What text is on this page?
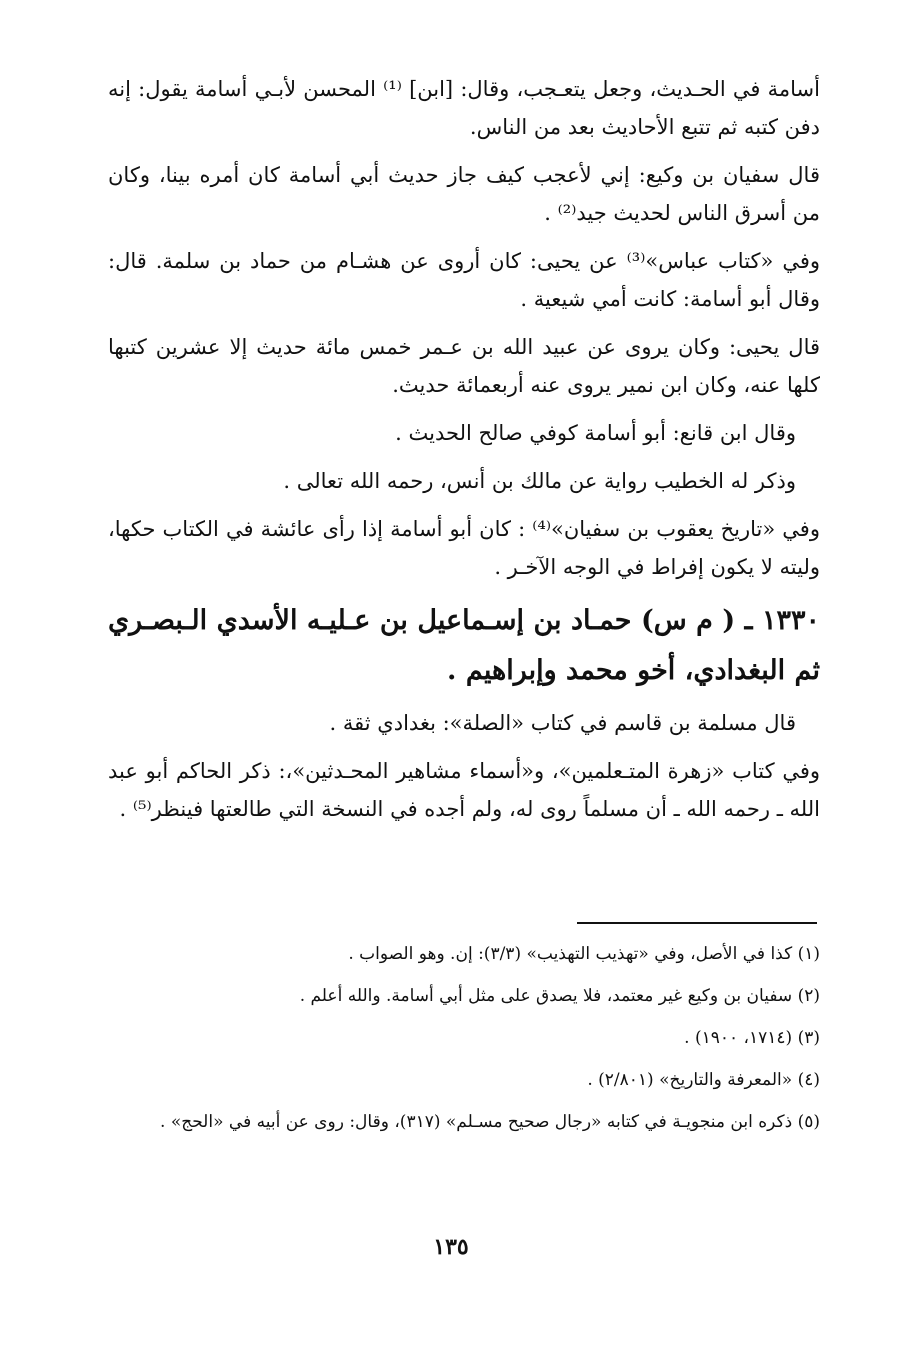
أسامة في الحـديث، وجعل يتعـجب، وقال: [ابن] ⁽¹⁾ المحسن لأبـي أسامة يقول: إنه دفن كتبه ثم تتبع الأحاديث بعد من الناس.

قال سفيان بن وكيع: إني لأعجب كيف جاز حديث أبي أسامة كان أمره بينا، وكان من أسرق الناس لحديث جيد⁽²⁾ .

وفي «كتاب عباس»⁽³⁾ عن يحيى: كان أروى عن هشـام من حماد بن سلمة. قال: وقال أبو أسامة: كانت أمي شيعية .

قال يحيى: وكان يروى عن عبيد الله بن عـمر خمس مائة حديث إلا عشرين كتبها كلها عنه، وكان ابن نمير يروى عنه أربعمائة حديث.

وقال ابن قانع: أبو أسامة كوفي صالح الحديث .

وذكر له الخطيب رواية عن مالك بن أنس، رحمه الله تعالى .

وفي «تاريخ يعقوب بن سفيان»⁽⁴⁾ : كان أبو أسامة إذا رأى عائشة في الكتاب حكها، وليته لا يكون إفراط في الوجه الآخـر .

١٣٣٠ ـ ( م س) حمـاد بن إسـماعيل بن عـليـه الأسدي الـبصـري ثم البغدادي، أخو محمد وإبراهيم .

قال مسلمة بن قاسم في كتاب «الصلة»: بغدادي ثقة .

وفي كتاب «زهرة المتـعلمين»، و«أسماء مشاهير المحـدثين»،: ذكر الحاكم أبو عبد الله ـ رحمه الله ـ أن مسلماً روى له، ولم أجده في النسخة التي طالعتها فينظر⁽⁵⁾ .

(١) كذا في الأصل، وفي «تهذيب التهذيب» (٣/٣): إن. وهو الصواب .

(٢) سفيان بن وكيع غير معتمد، فلا يصدق على مثل أبي أسامة. والله أعلم .

(٣) (١٧١٤، ١٩٠٠) .

(٤) «المعرفة والتاريخ» (٢/٨٠١) .

(٥) ذكره ابن منجويـة في كتابه «رجال صحيح مسـلم» (٣١٧)، وقال: روى عن أبيه في «الحج» .

١٣٥
